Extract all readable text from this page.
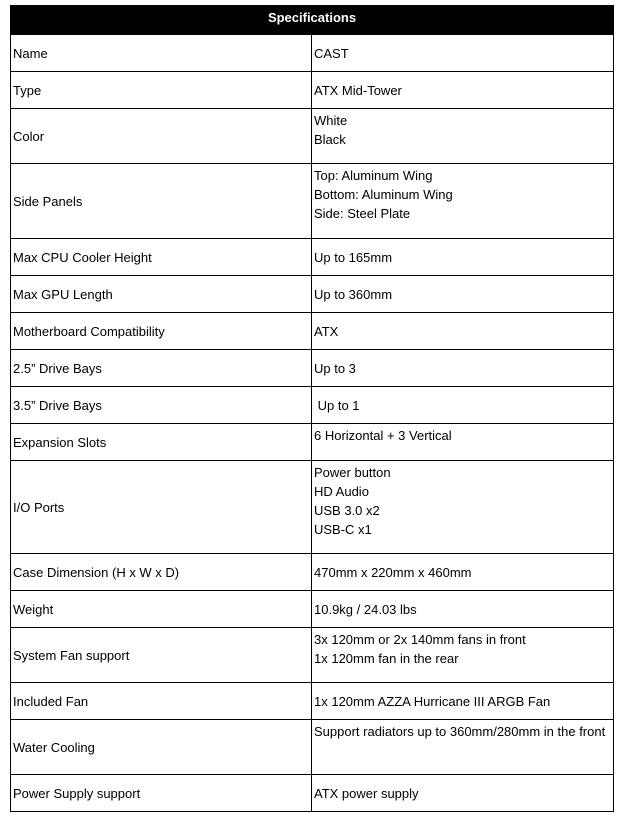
Specifications	
Name	CAST

Type	ATX Mid-Tower

Color	White
Black

Side Panels	Top: Aluminum Wing
Bottom: Aluminum Wing
Side: Steel Plate

Max CPU Cooler Height	Up to 165mm

Max GPU Length	Up to 360mm

Motherboard Compatibility	ATX

2.5” Drive Bays	Up to 3

3.5” Drive Bays	Up to 1

Expansion Slots	6 Horizontal + 3 Vertical

I/O Ports	Power button
HD Audio
USB 3.0 x2
USB-C x1

Case Dimension (H x W x D)	470mm x 220mm x 460mm

Weight	10.9kg / 24.03 lbs

System Fan support	3x 120mm or 2x 140mm fans in front
1x 120mm fan in the rear

Included Fan	1x 120mm AZZA Hurricane III ARGB Fan

Water Cooling	Support radiators up to 360mm/280mm in the front

Power Supply support	ATX power supply
